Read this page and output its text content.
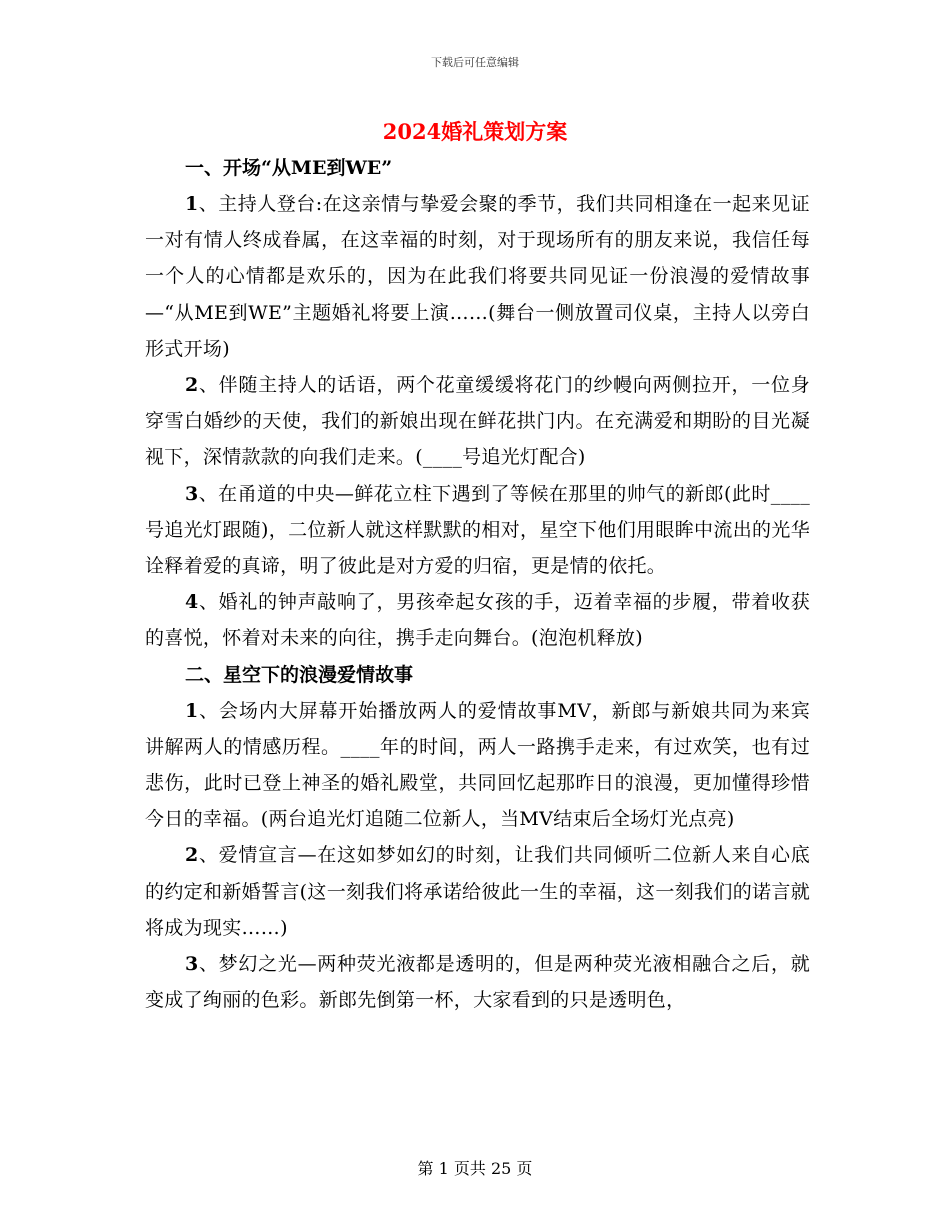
下载后可任意编辑
2024婚礼策划方案

一、开场“从ME到WE”

1、主持人登台:在这亲情与挚爱会聚的季节，我们共同相逢在一起来见证一对有情人终成眷属，在这幸福的时刻，对于现场所有的朋友来说，我信任每一个人的心情都是欢乐的，因为在此我们将要共同见证一份浪漫的爱情故事—“从ME到WE”主题婚礼将要上演……(舞台一侧放置司仪桌，主持人以旁白形式开场)

2、伴随主持人的话语，两个花童缓缓将花门的纱幔向两侧拉开，一位身穿雪白婚纱的天使，我们的新娘出现在鲜花拱门内。在充满爱和期盼的目光凝视下，深情款款的向我们走来。(____号追光灯配合)

3、在甬道的中央—鲜花立柱下遇到了等候在那里的帅气的新郎(此时____号追光灯跟随)，二位新人就这样默默的相对，星空下他们用眼眸中流出的光华诠释着爱的真谛，明了彼此是对方爱的归宿，更是情的依托。

4、婚礼的钟声敲响了，男孩牵起女孩的手，迈着幸福的步履，带着收获的喜悦，怀着对未来的向往，携手走向舞台。(泡泡机释放)

二、星空下的浪漫爱情故事

1、会场内大屏幕开始播放两人的爱情故事MV，新郎与新娘共同为来宾讲解两人的情感历程。____年的时间，两人一路携手走来，有过欢笑，也有过悲伤，此时已登上神圣的婚礼殿堂，共同回忆起那昨日的浪漫，更加懂得珍惜今日的幸福。(两台追光灯追随二位新人，当MV结束后全场灯光点亮)

2、爱情宣言—在这如梦如幻的时刻，让我们共同倾听二位新人来自心底的约定和新婚誓言(这一刻我们将承诺给彼此一生的幸福，这一刻我们的诺言就将成为现实……)

3、梦幻之光—两种荧光液都是透明的，但是两种荧光液相融合之后，就变成了绚丽的色彩。新郎先倒第一杯，大家看到的只是透明色，

第 1 页共 25 页
